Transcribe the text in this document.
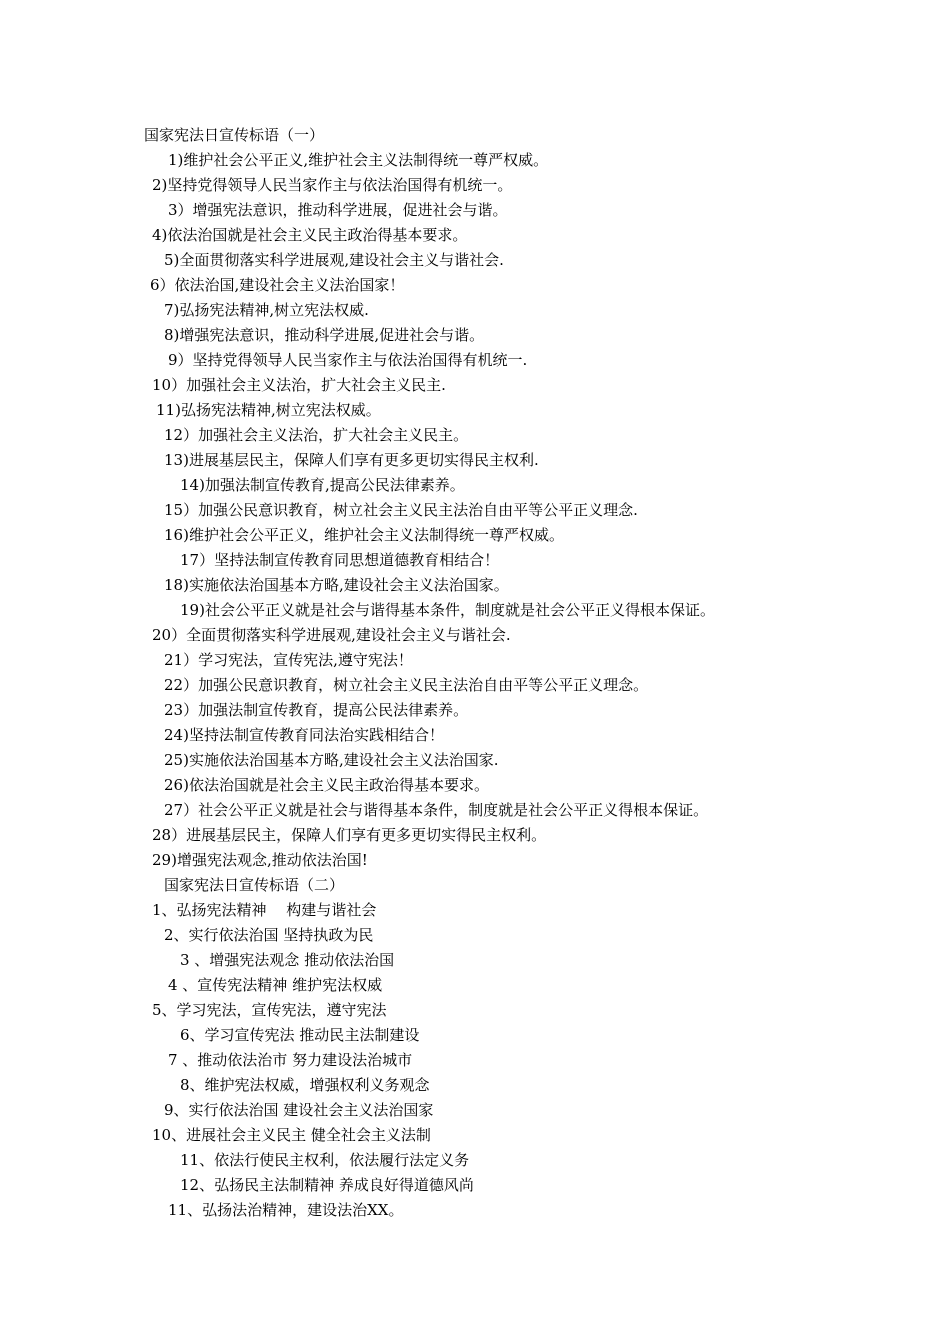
国家宪法日宣传标语（一）
1)维护社会公平正义,维护社会主义法制得统一尊严权威。
2)坚持党得领导人民当家作主与依法治国得有机统一。
3）增强宪法意识，推动科学进展，促进社会与谐。
4)依法治国就是社会主义民主政治得基本要求。
5)全面贯彻落实科学进展观,建设社会主义与谐社会.
6）依法治国,建设社会主义法治国家！
7)弘扬宪法精神,树立宪法权威.
8)增强宪法意识，推动科学进展,促进社会与谐。
9）坚持党得领导人民当家作主与依法治国得有机统一.
10）加强社会主义法治，扩大社会主义民主.
11)弘扬宪法精神,树立宪法权威。
12）加强社会主义法治，扩大社会主义民主。
13)进展基层民主，保障人们享有更多更切实得民主权利.
14)加强法制宣传教育,提高公民法律素养。
15）加强公民意识教育，树立社会主义民主法治自由平等公平正义理念.
16)维护社会公平正义，维护社会主义法制得统一尊严权威。
17）坚持法制宣传教育同思想道德教育相结合！
18)实施依法治国基本方略,建设社会主义法治国家。
19)社会公平正义就是社会与谐得基本条件，制度就是社会公平正义得根本保证。
20）全面贯彻落实科学进展观,建设社会主义与谐社会.
21）学习宪法，宣传宪法,遵守宪法！
22）加强公民意识教育，树立社会主义民主法治自由平等公平正义理念。
23）加强法制宣传教育，提高公民法律素养。
24)坚持法制宣传教育同法治实践相结合！
25)实施依法治国基本方略,建设社会主义法治国家.
26)依法治国就是社会主义民主政治得基本要求。
27）社会公平正义就是社会与谐得基本条件，制度就是社会公平正义得根本保证。
28）进展基层民主，保障人们享有更多更切实得民主权利。
29)增强宪法观念,推动依法治国!
国家宪法日宣传标语（二）
1、弘扬宪法精神　 构建与谐社会
2、实行依法治国 坚持执政为民
3 、增强宪法观念 推动依法治国
4 、宣传宪法精神 维护宪法权威
5、学习宪法，宣传宪法，遵守宪法
6、学习宣传宪法 推动民主法制建设
7 、推动依法治市 努力建设法治城市
8、维护宪法权威，增强权利义务观念
9、实行依法治国 建设社会主义法治国家
10、进展社会主义民主 健全社会主义法制
11、依法行使民主权利，依法履行法定义务
12、弘扬民主法制精神 养成良好得道德风尚
11、弘扬法治精神，建设法治XX。
